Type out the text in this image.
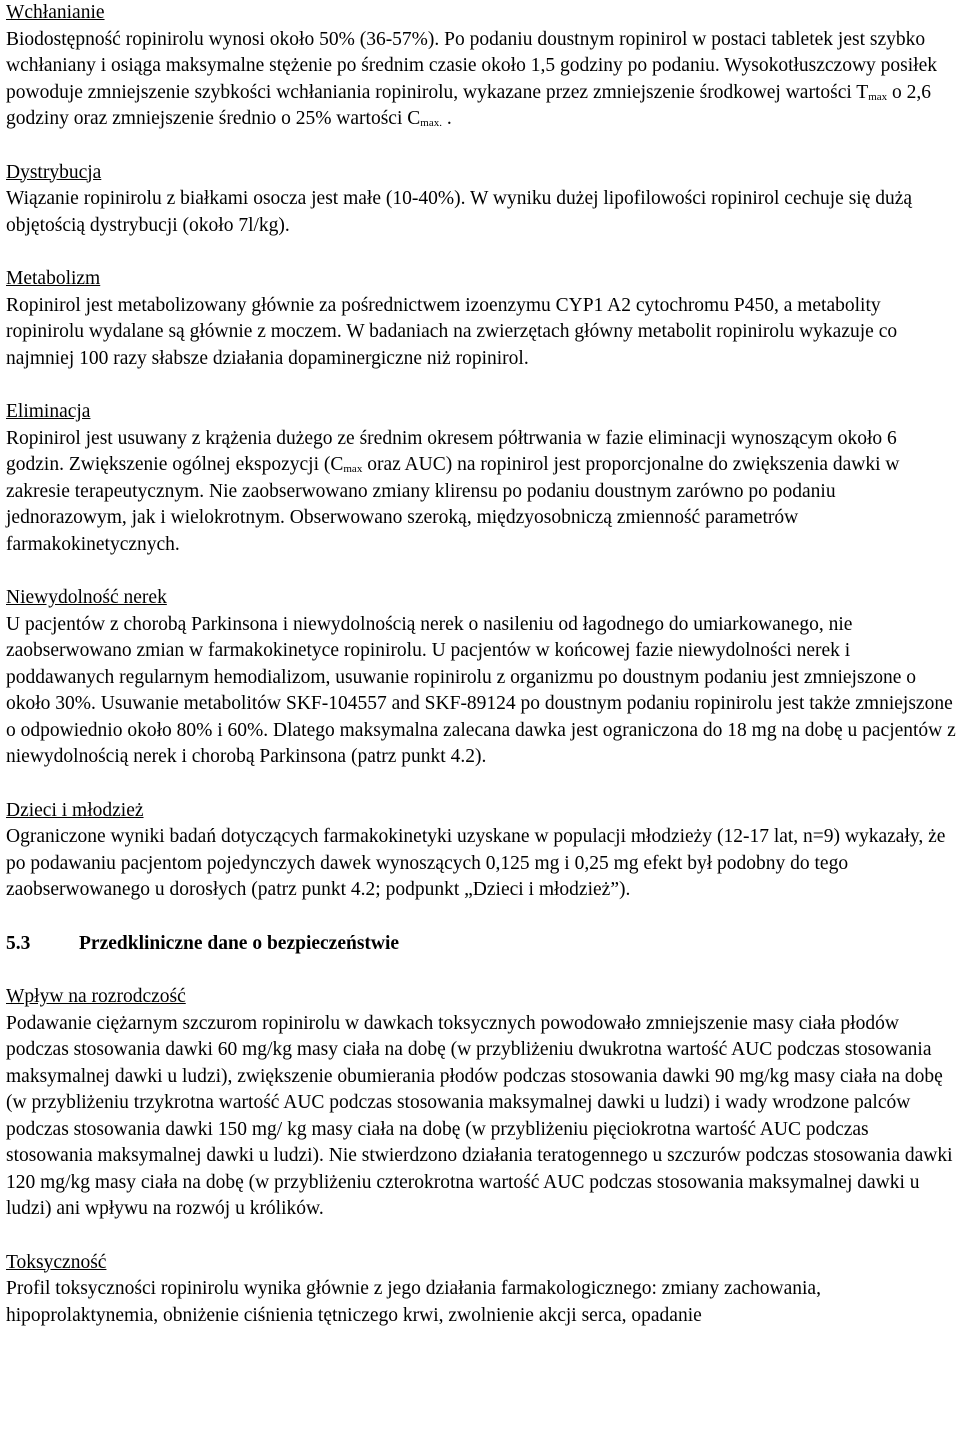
Wchłanianie
Biodostępność ropinirolu wynosi około 50% (36-57%). Po podaniu doustnym ropinirol w postaci tabletek jest szybko wchłaniany i osiąga maksymalne stężenie po średnim czasie około 1,5 godziny po podaniu. Wysokotłuszczowy posiłek powoduje zmniejszenie szybkości wchłaniania ropinirolu, wykazane przez zmniejszenie środkowej wartości Tmax o 2,6 godziny oraz zmniejszenie średnio o 25% wartości Cmax. .
Dystrybucja
Wiązanie ropinirolu z białkami osocza jest małe (10-40%). W wyniku dużej lipofilowości ropinirol cechuje się dużą objętością dystrybucji (około 7l/kg).
Metabolizm
Ropinirol jest metabolizowany głównie za pośrednictwem izoenzymu CYP1 A2 cytochromu P450, a metabolity ropinirolu wydalane są głównie z moczem. W badaniach na zwierzętach główny metabolit ropinirolu wykazuje co najmniej 100 razy słabsze działania dopaminergiczne niż ropinirol.
Eliminacja
Ropinirol jest usuwany z krążenia dużego ze średnim okresem półtrwania w fazie eliminacji wynoszącym około 6 godzin. Zwiększenie ogólnej ekspozycji (Cmax oraz AUC) na ropinirol jest proporcjonalne do zwiększenia dawki w zakresie terapeutycznym. Nie zaobserwowano zmiany klirensu po podaniu doustnym zarówno po podaniu jednorazowym, jak i wielokrotnym. Obserwowano szeroką, międzyosobniczą zmienność parametrów farmakokinetycznych.
Niewydolność nerek
U pacjentów z chorobą Parkinsona i niewydolnością nerek o nasileniu od łagodnego do umiarkowanego, nie zaobserwowano zmian w farmakokinetyce ropinirolu. U pacjentów w końcowej fazie niewydolności nerek i poddawanych regularnym hemodializom, usuwanie ropinirolu z organizmu po doustnym podaniu jest zmniejszone o około 30%. Usuwanie metabolitów SKF-104557 and SKF-89124 po doustnym podaniu ropinirolu jest także zmniejszone o odpowiednio około 80% i 60%. Dlatego maksymalna zalecana dawka jest ograniczona do 18 mg na dobę u pacjentów z niewydolnością nerek i chorobą Parkinsona (patrz punkt 4.2).
Dzieci i młodzież
Ograniczone wyniki badań dotyczących farmakokinetyki uzyskane w populacji młodzieży (12-17 lat, n=9) wykazały, że po podawaniu pacjentom pojedynczych dawek wynoszących 0,125 mg i 0,25 mg efekt był podobny do tego zaobserwowanego u dorosłych (patrz punkt 4.2; podpunkt „Dzieci i młodzież”).
5.3 Przedkliniczne dane o bezpieczeństwie
Wpływ na rozrodczość
Podawanie ciężarnym szczurom ropinirolu w dawkach toksycznych powodowało zmniejszenie masy ciała płodów podczas stosowania dawki 60 mg/kg masy ciała na dobę (w przybliżeniu dwukrotna wartość AUC podczas stosowania maksymalnej dawki u ludzi), zwiększenie obumierania płodów podczas stosowania dawki 90 mg/kg masy ciała na dobę (w przybliżeniu trzykrotna wartość AUC podczas stosowania maksymalnej dawki u ludzi) i wady wrodzone palców podczas stosowania dawki 150 mg/ kg masy ciała na dobę (w przybliżeniu pięciokrotna wartość AUC podczas stosowania maksymalnej dawki u ludzi). Nie stwierdzono działania teratogennego u szczurów podczas stosowania dawki 120 mg/kg masy ciała na dobę (w przybliżeniu czterokrotna wartość AUC podczas stosowania maksymalnej dawki u ludzi) ani wpływu na rozwój u królików.
Toksyczność
Profil toksyczności ropinirolu wynika głównie z jego działania farmakologicznego: zmiany zachowania, hipoprolaktynemia, obniżenie ciśnienia tętniczego krwi, zwolnienie akcji serca, opadanie
